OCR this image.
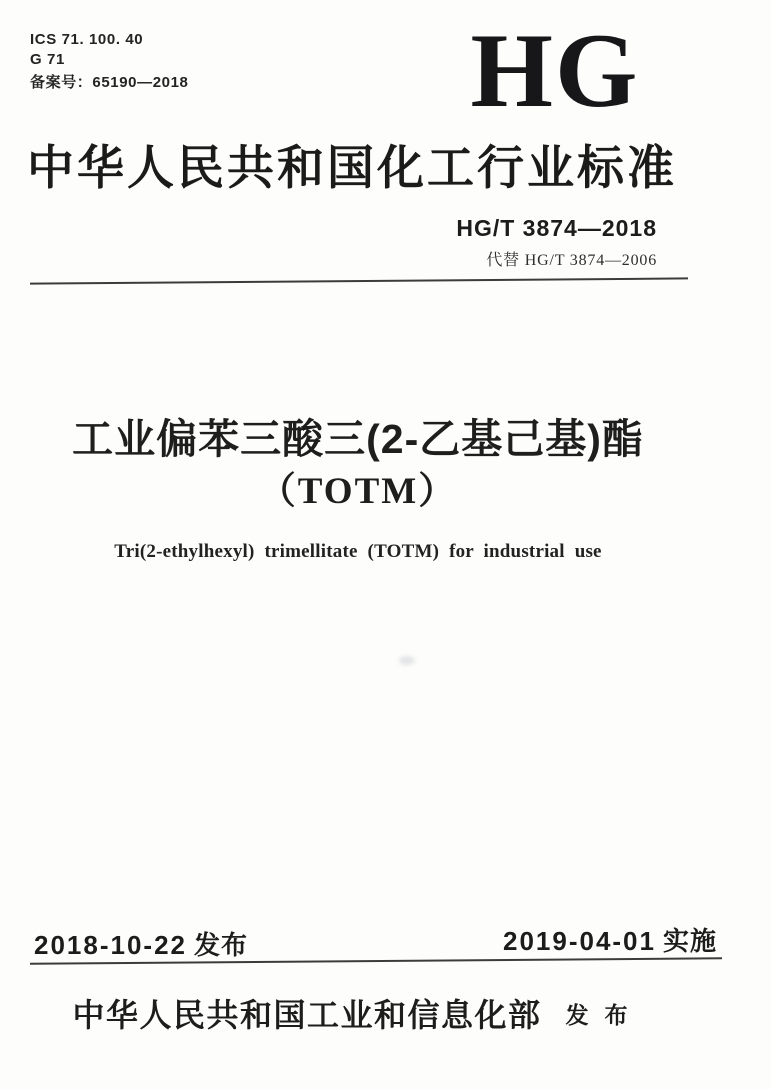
ICS 71. 100. 40
G 71
备案号：65190—2018	HG
中华人民共和国化工行业标准
HG/T 3874—2018
代替 HG/T 3874—2006
工业偏苯三酸三(2-乙基己基)酯
（TOTM）
Tri(2-ethylhexyl) trimellitate (TOTM) for industrial use
2018-10-22 发布	2019-04-01 实施
中华人民共和国工业和信息化部 发布
